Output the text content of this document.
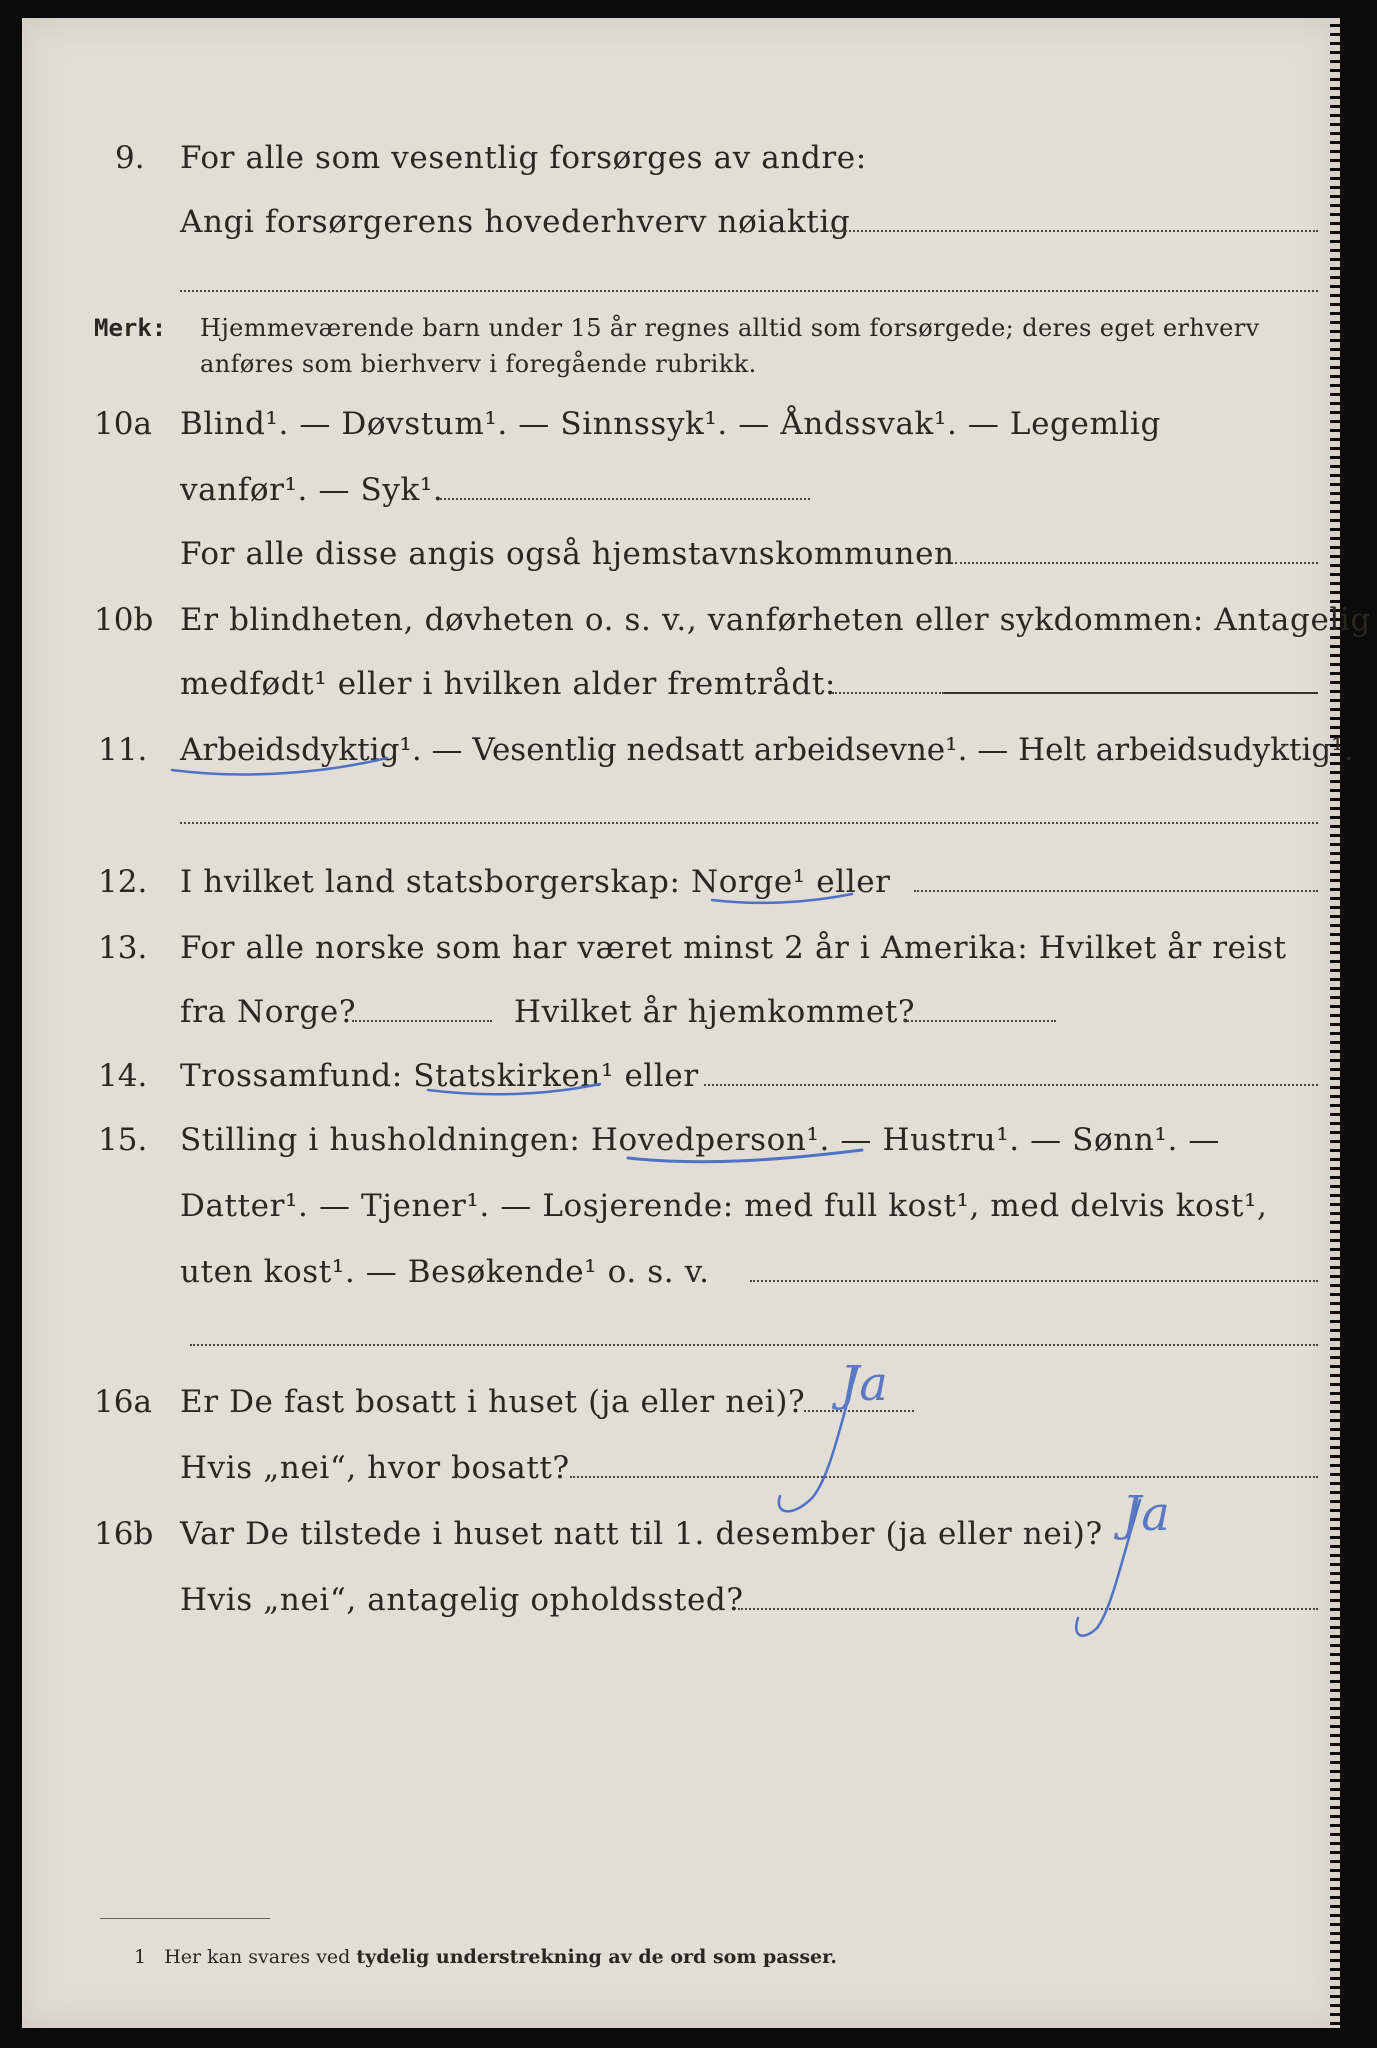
9. For alle som vesentlig forsørges av andre:
Angi forsørgerens hovederhverv nøiaktig
Merk: Hjemmeværende barn under 15 år regnes alltid som forsørgede; deres eget erhverv
anføres som bierhverv i foregående rubrikk.
10a Blind¹. — Døvstum¹. — Sinnssyk¹. — Åndssvak¹. — Legemlig
vanfør¹. — Syk¹.
For alle disse angis også hjemstavnskommunen
10b Er blindheten, døvheten o. s. v., vanførheten eller sykdommen: Antagelig
medfødt¹ eller i hvilken alder fremtrådt:
11. Arbeidsdyktig¹. — Vesentlig nedsatt arbeidsevne¹. — Helt arbeidsudyktig¹.
12. I hvilket land statsborgerskap: Norge¹ eller
13. For alle norske som har været minst 2 år i Amerika: Hvilket år reist
fra Norge?	Hvilket år hjemkommet?
14. Trossamfund: Statskirken¹ eller
15. Stilling i husholdningen: Hovedperson¹. — Hustru¹. — Sønn¹. —
Datter¹. — Tjener¹. — Losjerende: med full kost¹, med delvis kost¹,
uten kost¹. — Besøkende¹ o. s. v.
16a Er De fast bosatt i huset (ja eller nei)?
Hvis „nei“, hvor bosatt?
16b Var De tilstede i huset natt til 1. desember (ja eller nei)?
Hvis „nei“, antagelig opholdssted?
Ja
Ja
1 Her kan svares ved tydelig understrekning av de ord som passer.
